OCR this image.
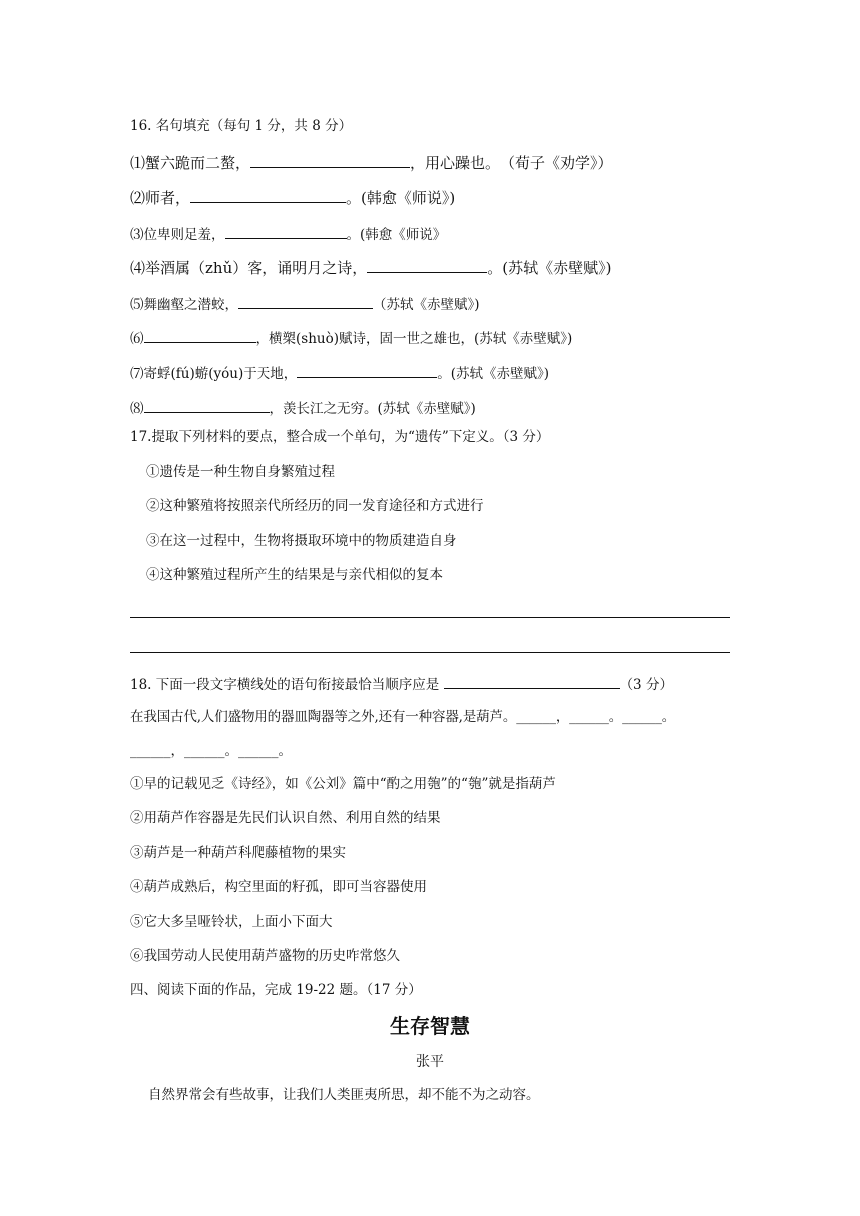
16. 名句填充（每句 1 分，共 8 分）
⑴蟹六跪而二螯，	，用心躁也。　（荀子《劝学》）
⑵师者，	。(韩愈《师说》)
⑶位卑则足羞，	。(韩愈《师说》
⑷举酒属（zhǔ）客，诵明月之诗，	。(苏轼《赤壁赋》)
⑸舞幽壑之潜蛟，	（苏轼《赤壁赋》)
⑹	，横槊(shuò)赋诗，固一世之雄也，(苏轼《赤壁赋》)
⑺寄蜉(fú)蝣(yóu)于天地，	。(苏轼《赤壁赋》)
⑻	，羡长江之无穷。(苏轼《赤壁赋》)
17.提取下列材料的要点，整合成一个单句，为“遗传”下定义。（3 分）
①遗传是一种生物自身繁殖过程
②这种繁殖将按照亲代所经历的同一发育途径和方式进行
③在这一过程中，生物将摄取环境中的物质建造自身
④这种繁殖过程所产生的结果是与亲代相似的复本
18. 下面一段文字横线处的语句衔接最恰当顺序应是	（3 分）
在我国古代,人们盛物用的器皿陶器等之外,还有一种容器,是葫芦。______，______。______。
______，______。______。
①早的记载见乏《诗经》，如《公刘》篇中“酌之用匏”的“匏”就是指葫芦
②用葫芦作容器是先民们认识自然、利用自然的结果
③葫芦是一种葫芦科爬藤植物的果实
④葫芦成熟后，构空里面的籽孤，即可当容器使用
⑤它大多呈哑铃状，上面小下面大
⑥我国劳动人民使用葫芦盛物的历史咋常悠久
四、阅读下面的作品，完成 19-22 题。（17 分）
生存智慧
张平
自然界常会有些故事，让我们人类匪夷所思，却不能不为之动容。
